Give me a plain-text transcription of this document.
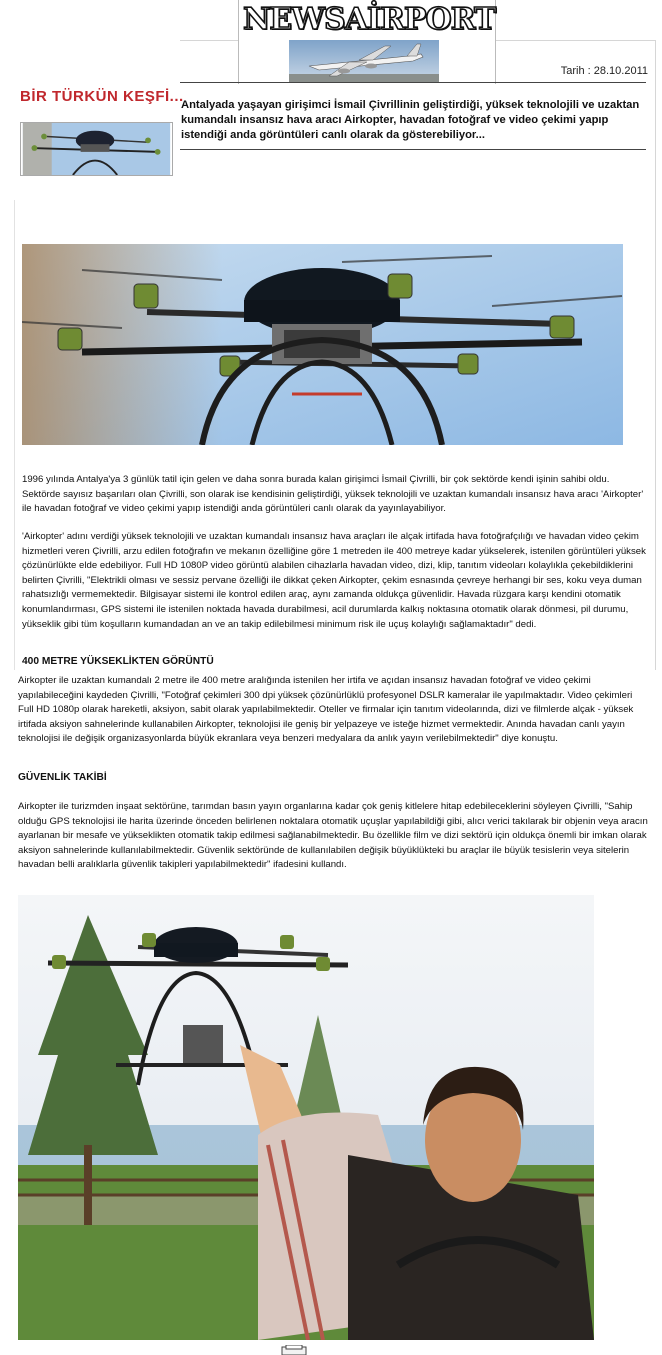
NEWSAİRPORT
Tarih : 28.10.2011
BİR TÜRKÜN KEŞFİ...
Antalyada yaşayan girişimci İsmail Çivrillinin geliştirdiği, yüksek teknolojili ve uzaktan kumandalı insansız hava aracı Airkopter, havadan fotoğraf ve video çekimi yapıp istendiği anda görüntüleri canlı olarak da gösterebiliyor...
1996 yılında Antalya'ya 3 günlük tatil için gelen ve daha sonra burada kalan girişimci İsmail Çivrilli, bir çok sektörde kendi işinin sahibi oldu. Sektörde sayısız başarıları olan Çivrilli, son olarak ise kendisinin geliştirdiği, yüksek teknolojili ve uzaktan kumandalı insansız hava aracı 'Airkopter' ile havadan fotoğraf ve video çekimi yapıp istendiği anda görüntüleri canlı olarak da yayınlayabiliyor.
'Airkopter' adını verdiği yüksek teknolojili ve uzaktan kumandalı insansız hava araçları ile alçak irtifada hava fotoğrafçılığı ve havadan video çekim hizmetleri veren Çivrilli, arzu edilen fotoğrafın ve mekanın özelliğine göre 1 metreden ile 400 metreye kadar yükselerek, istenilen görüntüleri yüksek çözünürlükte elde edebiliyor. Full HD 1080P video görüntü alabilen cihazlarla havadan video, dizi, klip, tanıtım videoları kolaylıkla çekebildiklerini belirten Çivrilli, "Elektrikli olması ve sessiz pervane özelliği ile dikkat çeken Airkopter, çekim esnasında çevreye herhangi bir ses, koku veya duman rahatsızlığı vermemektedir. Bilgisayar sistemi ile kontrol edilen araç, aynı zamanda oldukça güvenlidir. Havada rüzgara karşı kendini otomatik konumlandırması, GPS sistemi ile istenilen noktada havada durabilmesi, acil durumlarda kalkış noktasına otomatik olarak dönmesi, pil durumu, yükseklik gibi tüm koşulların kumandadan an ve an takip edilebilmesi minimum risk ile uçuş kolaylığı sağlamaktadır" dedi.
400 METRE YÜKSEKLİKTEN GÖRÜNTÜ
Airkopter ile uzaktan kumandalı 2 metre ile 400 metre aralığında istenilen her irtifa ve açıdan insansız havadan fotoğraf ve video çekimi yapılabileceğini kaydeden Çivrilli, "Fotoğraf çekimleri 300 dpi yüksek çözünürlüklü profesyonel DSLR kameralar ile yapılmaktadır. Video çekimleri Full HD 1080p olarak hareketli, aksiyon, sabit olarak yapılabilmektedir. Oteller ve firmalar için tanıtım videolarında, dizi ve filmlerde alçak - yüksek irtifada aksiyon sahnelerinde kullanabilen Airkopter, teknolojisi ile geniş bir yelpazeye ve isteğe hizmet vermektedir. Anında havadan canlı yayın teknolojisi ile değişik organizasyonlarda büyük ekranlara veya benzeri medyalara da anlık yayın verilebilmektedir" diye konuştu.
GÜVENLİK TAKİBİ
Airkopter ile turizmden inşaat sektörüne, tarımdan basın yayın organlarına kadar çok geniş kitlelere hitap edebileceklerini söyleyen Çivrilli, "Sahip olduğu GPS teknolojisi ile harita üzerinde önceden belirlenen noktalara otomatik uçuşlar yapılabildiği gibi, alıcı verici takılarak bir objenin veya aracın ayarlanan bir mesafe ve yükseklikten otomatik takip edilmesi sağlanabilmektedir. Bu özellikle film ve dizi sektörü için oldukça önemli bir imkan olarak aksiyon sahnelerinde kullanılabilmektedir. Güvenlik sektöründe de kullanılabilen değişik büyüklükteki bu araçlar ile büyük tesislerin veya sitelerin havadan belli aralıklarla güvenlik takipleri yapılabilmektedir" ifadesini kullandı.
